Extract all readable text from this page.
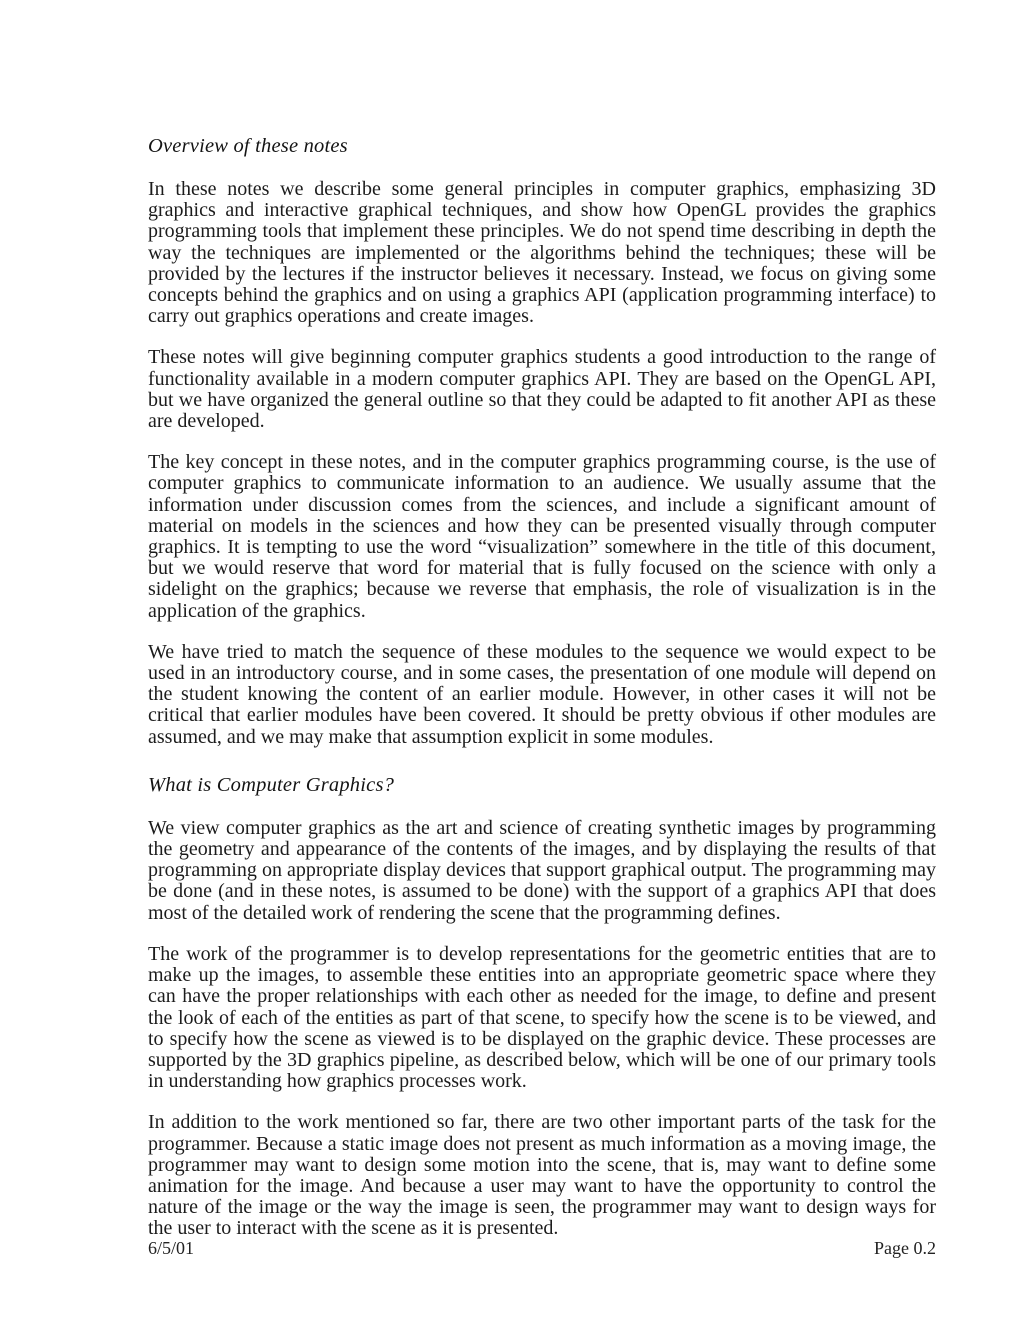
Overview of these notes

In these notes we describe some general principles in computer graphics, emphasizing 3D graphics and interactive graphical techniques, and show how OpenGL provides the graphics programming tools that implement these principles. We do not spend time describing in depth the way the techniques are implemented or the algorithms behind the techniques; these will be provided by the lectures if the instructor believes it necessary. Instead, we focus on giving some concepts behind the graphics and on using a graphics API (application programming interface) to carry out graphics operations and create images.

These notes will give beginning computer graphics students a good introduction to the range of functionality available in a modern computer graphics API. They are based on the OpenGL API, but we have organized the general outline so that they could be adapted to fit another API as these are developed.

The key concept in these notes, and in the computer graphics programming course, is the use of computer graphics to communicate information to an audience. We usually assume that the information under discussion comes from the sciences, and include a significant amount of material on models in the sciences and how they can be presented visually through computer graphics. It is tempting to use the word “visualization” somewhere in the title of this document, but we would reserve that word for material that is fully focused on the science with only a sidelight on the graphics; because we reverse that emphasis, the role of visualization is in the application of the graphics.

We have tried to match the sequence of these modules to the sequence we would expect to be used in an introductory course, and in some cases, the presentation of one module will depend on the student knowing the content of an earlier module. However, in other cases it will not be critical that earlier modules have been covered. It should be pretty obvious if other modules are assumed, and we may make that assumption explicit in some modules.

What is Computer Graphics?

We view computer graphics as the art and science of creating synthetic images by programming the geometry and appearance of the contents of the images, and by displaying the results of that programming on appropriate display devices that support graphical output. The programming may be done (and in these notes, is assumed to be done) with the support of a graphics API that does most of the detailed work of rendering the scene that the programming defines.

The work of the programmer is to develop representations for the geometric entities that are to make up the images, to assemble these entities into an appropriate geometric space where they can have the proper relationships with each other as needed for the image, to define and present the look of each of the entities as part of that scene, to specify how the scene is to be viewed, and to specify how the scene as viewed is to be displayed on the graphic device. These processes are supported by the 3D graphics pipeline, as described below, which will be one of our primary tools in understanding how graphics processes work.

In addition to the work mentioned so far, there are two other important parts of the task for the programmer. Because a static image does not present as much information as a moving image, the programmer may want to design some motion into the scene, that is, may want to define some animation for the image. And because a user may want to have the opportunity to control the nature of the image or the way the image is seen, the programmer may want to design ways for the user to interact with the scene as it is presented.

6/5/01	Page 0.2
